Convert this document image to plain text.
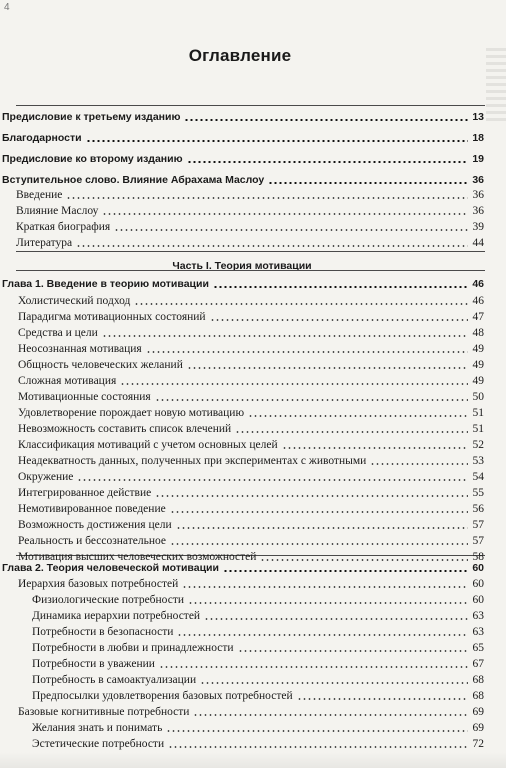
4
Оглавление
Часть I. Теория мотивации
Предисловие к третьему изданию	13
Благодарности	18
Предисловие ко второму изданию	19
Вступительное слово. Влияние Абрахама Маслоу	36
Введение	36
Влияние Маслоу	36
Краткая биография	39
Литература	44
Глава 1. Введение в теорию мотивации	46
Холистический подход	46
Парадигма мотивационных состояний	47
Средства и цели	48
Неосознанная мотивация	49
Общность человеческих желаний	49
Сложная мотивация	49
Мотивационные состояния	50
Удовлетворение порождает новую мотивацию	51
Невозможность составить список влечений	51
Классификация мотиваций с учетом основных целей	52
Неадекватность данных, полученных при экспериментах с животными	53
Окружение	54
Интегрированное действие	55
Немотивированное поведение	56
Возможность достижения цели	57
Реальность и бессознательное	57
Мотивация высших человеческих возможностей	58
Глава 2. Теория человеческой мотивации	60
Иерархия базовых потребностей	60
Физиологические потребности	60
Динамика иерархии потребностей	63
Потребности в безопасности	63
Потребности в любви и принадлежности	65
Потребности в уважении	67
Потребность в самоактуализации	68
Предпосылки удовлетворения базовых потребностей	68
Базовые когнитивные потребности	69
Желания знать и понимать	69
Эстетические потребности	72
